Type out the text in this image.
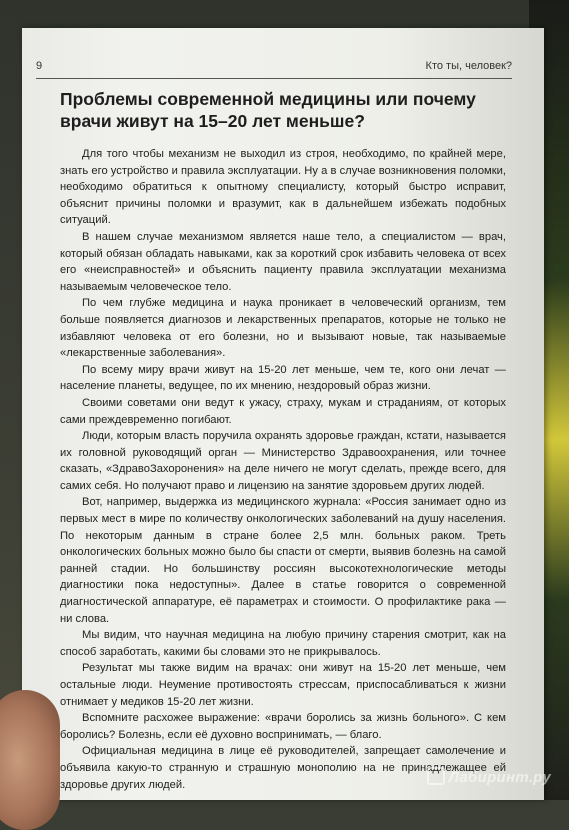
9	Кто ты, человек?
Проблемы современной медицины или почему врачи живут на 15–20 лет меньше?

Для того чтобы механизм не выходил из строя, необходимо, по крайней мере, знать его устройство и правила эксплуатации. Ну а в случае возникновения поломки, необходимо обратиться к опытному специалисту, который быстро исправит, объяснит причины поломки и вразумит, как в дальнейшем избежать подобных ситуаций.

В нашем случае механизмом является наше тело, а специалистом — врач, который обязан обладать навыками, как за короткий срок избавить человека от всех его «неисправностей» и объяснить пациенту правила эксплуатации механизма называемым человеческое тело.

По чем глубже медицина и наука проникает в человеческий организм, тем больше появляется диагнозов и лекарственных препаратов, которые не только не избавляют человека от его болезни, но и вызывают новые, так называемые «лекарственные заболевания».

По всему миру врачи живут на 15-20 лет меньше, чем те, кого они лечат — население планеты, ведущее, по их мнению, нездоровый образ жизни.

Своими советами они ведут к ужасу, страху, мукам и страданиям, от которых сами преждевременно погибают.

Люди, которым власть поручила охранять здоровье граждан, кстати, называется их головной руководящий орган — Министерство Здравоохранения, или точнее сказать, «ЗдравоЗахоронения» на деле ничего не могут сделать, прежде всего, для самих себя. Но получают право и лицензию на занятие здоровьем других людей.

Вот, например, выдержка из медицинского журнала: «Россия занимает одно из первых мест в мире по количеству онкологических заболеваний на душу населения. По некоторым данным в стране более 2,5 млн. больных раком. Треть онкологических больных можно было бы спасти от смерти, выявив болезнь на самой ранней стадии. Но большинству россиян высокотехнологические методы диагностики пока недоступны». Далее в статье говорится о современной диагностической аппаратуре, её параметрах и стоимости. О профилактике рака — ни слова.

Мы видим, что научная медицина на любую причину старения смотрит, как на способ заработать, какими бы словами это не прикрывалось.

Результат мы также видим на врачах: они живут на 15-20 лет меньше, чем остальные люди. Неумение противостоять стрессам, приспосабливаться к жизни отнимает у медиков 15-20 лет жизни.

Вспомните расхожее выражение: «врачи боролись за жизнь больного». С кем боролись? Болезнь, если её духовно воспринимать, — благо.

Официальная медицина в лице её руководителей, запрещает самолечение и объявила какую-то странную и страшную монополию на не принадлежащее ей здоровье других людей.	Лабиринт.ру
